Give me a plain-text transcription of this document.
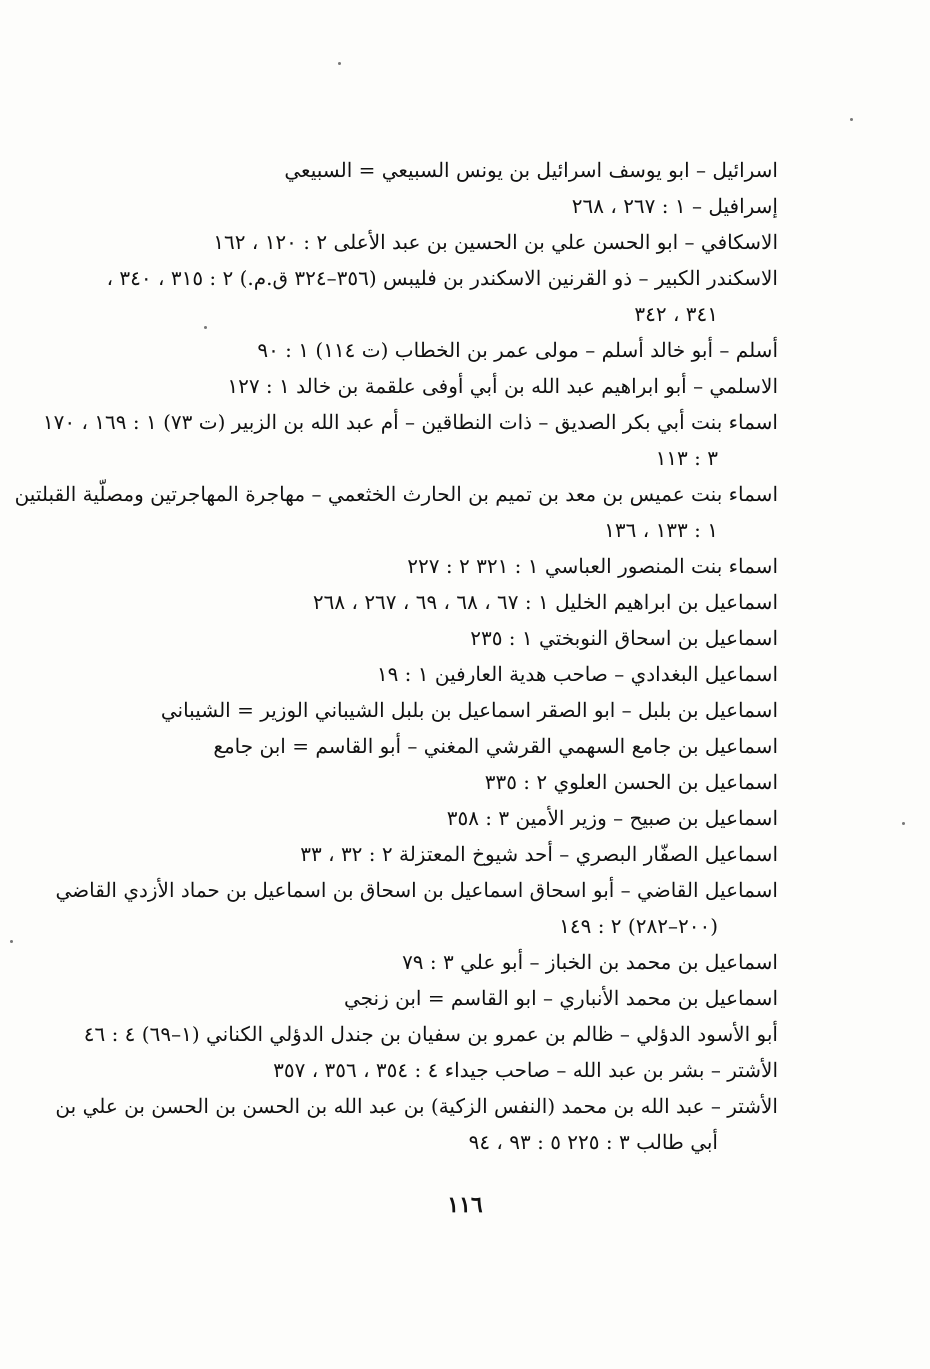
اسرائيل – ابو يوسف اسرائيل بن يونس السبيعي = السبيعي
إسرافيل – ١ : ٢٦٧ ، ٢٦٨
الاسكافي – ابو الحسن علي بن الحسين بن عبد الأعلى ٢ : ١٢٠ ، ١٦٢
الاسكندر الكبير – ذو القرنين الاسكندر بن فليبس (٣٥٦–٣٢٤ ق.م.) ٢ : ٣١٥ ، ٣٤٠ ،
٣٤١ ، ٣٤٢
أسلم – أبو خالد أسلم – مولى عمر بن الخطاب (ت ١١٤) ١ : ٩٠
الاسلمي – أبو ابراهيم عبد الله بن أبي أوفى علقمة بن خالد ١ : ١٢٧
اسماء بنت أبي بكر الصديق – ذات النطاقين – أم عبد الله بن الزبير (ت ٧٣) ١ : ١٦٩ ، ١٧٠
٣ : ١١٣
اسماء بنت عميس بن معد بن تميم بن الحارث الخثعمي – مهاجرة المهاجرتين ومصلّية القبلتين
١ : ١٣٣ ، ١٣٦
اسماء بنت المنصور العباسي ١ : ٣٢١ ٢ : ٢٢٧
اسماعيل بن ابراهيم الخليل ١ : ٦٧ ، ٦٨ ، ٦٩ ، ٢٦٧ ، ٢٦٨
اسماعيل بن اسحاق النوبختي ١ : ٢٣٥
اسماعيل البغدادي – صاحب هدية العارفين ١ : ١٩
اسماعيل بن بلبل – ابو الصقر اسماعيل بن بلبل الشيباني الوزير = الشيباني
اسماعيل بن جامع السهمي القرشي المغني – أبو القاسم = ابن جامع
اسماعيل بن الحسن العلوي ٢ : ٣٣٥
اسماعيل بن صبيح – وزير الأمين ٣ : ٣٥٨
اسماعيل الصفّار البصري – أحد شيوخ المعتزلة ٢ : ٣٢ ، ٣٣
اسماعيل القاضي – أبو اسحاق اسماعيل بن اسحاق بن اسماعيل بن حماد الأزدي القاضي
(٢٠٠–٢٨٢) ٢ : ١٤٩
اسماعيل بن محمد بن الخباز – أبو علي ٣ : ٧٩
اسماعيل بن محمد الأنباري – ابو القاسم = ابن زنجي
أبو الأسود الدؤلي – ظالم بن عمرو بن سفيان بن جندل الدؤلي الكناني (١–٦٩) ٤ : ٤٦
الأشتر – بشر بن عبد الله – صاحب جيداء ٤ : ٣٥٤ ، ٣٥٦ ، ٣٥٧
الأشتر – عبد الله بن محمد (النفس الزكية) بن عبد الله بن الحسن بن الحسن بن علي بن
أبي طالب ٣ : ٢٢٥ ٥ : ٩٣ ، ٩٤
١١٦
